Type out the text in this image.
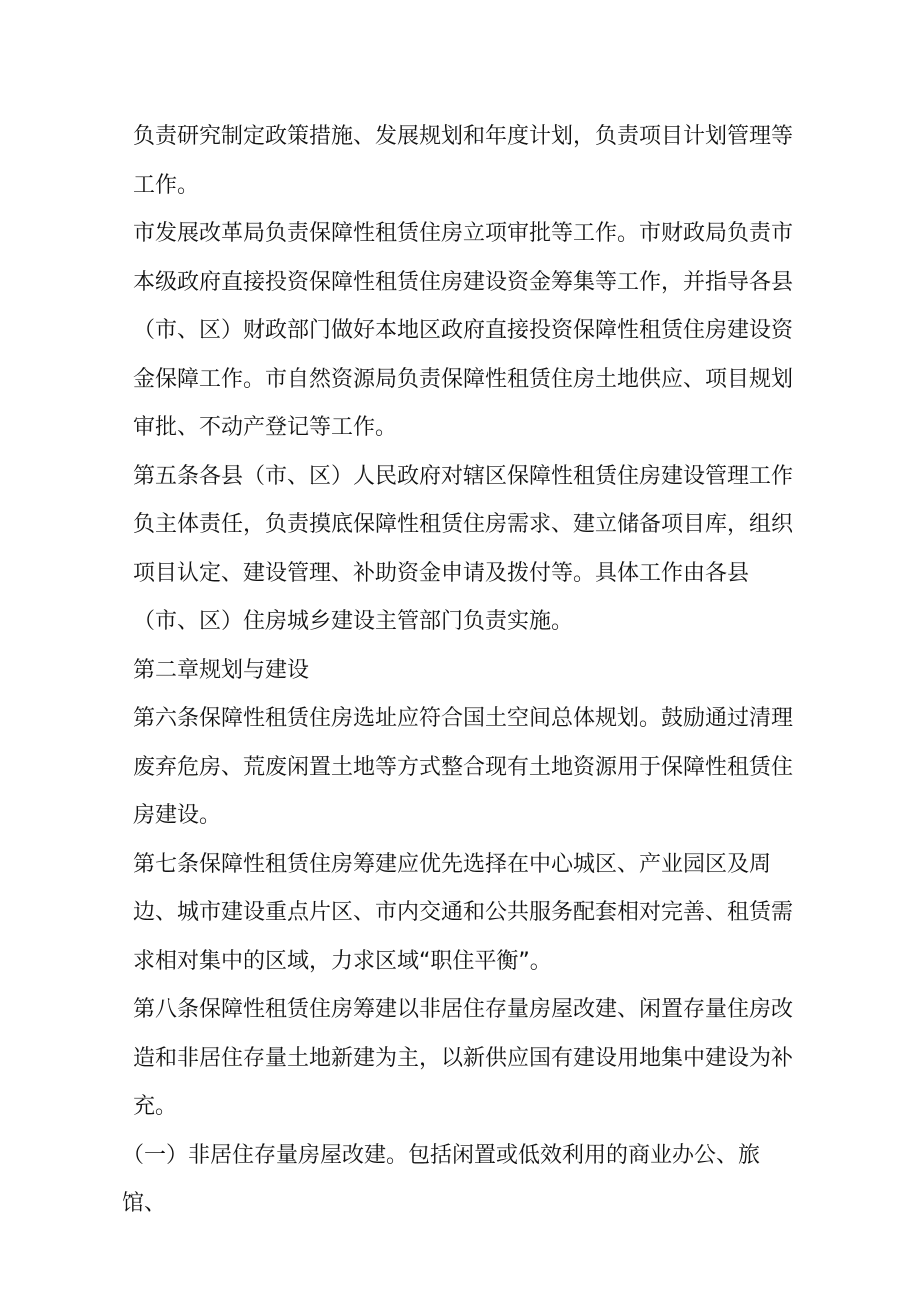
负责研究制定政策措施、发展规划和年度计划，负责项目计划管理等工作。

市发展改革局负责保障性租赁住房立项审批等工作。市财政局负责市本级政府直接投资保障性租赁住房建设资金筹集等工作，并指导各县（市、区）财政部门做好本地区政府直接投资保障性租赁住房建设资金保障工作。市自然资源局负责保障性租赁住房土地供应、项目规划审批、不动产登记等工作。

第五条各县（市、区）人民政府对辖区保障性租赁住房建设管理工作负主体责任，负责摸底保障性租赁住房需求、建立储备项目库，组织项目认定、建设管理、补助资金申请及拨付等。具体工作由各县（市、区）住房城乡建设主管部门负责实施。

第二章规划与建设

第六条保障性租赁住房选址应符合国土空间总体规划。鼓励通过清理废弃危房、荒废闲置土地等方式整合现有土地资源用于保障性租赁住房建设。

第七条保障性租赁住房筹建应优先选择在中心城区、产业园区及周边、城市建设重点片区、市内交通和公共服务配套相对完善、租赁需求相对集中的区域，力求区域“职住平衡”。

第八条保障性租赁住房筹建以非居住存量房屋改建、闲置存量住房改造和非居住存量土地新建为主，以新供应国有建设用地集中建设为补充。

（一）非居住存量房屋改建。包括闲置或低效利用的商业办公、旅馆、
